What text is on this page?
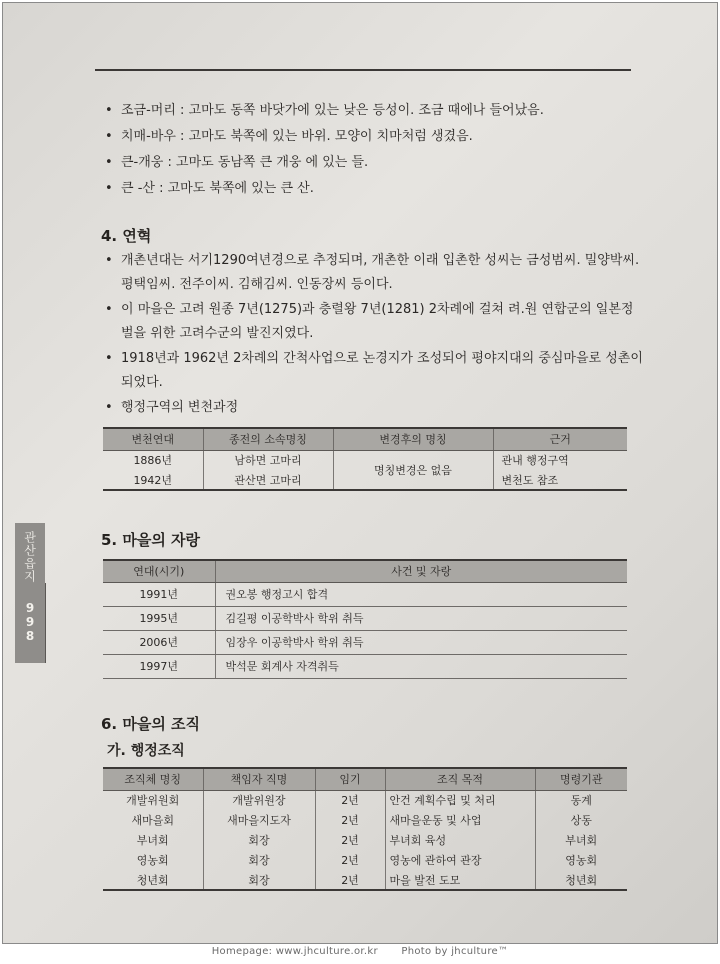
관산읍지
998
• 조금-머리 : 고마도 동쪽 바닷가에 있는 낮은 등성이. 조금 때에나 들어났음.
• 치매-바우 : 고마도 북쪽에 있는 바위. 모양이 치마처럼 생겼음.
• 큰-개웅 : 고마도 동남쪽 큰 개웅 에 있는 들.
• 큰 -산 : 고마도 북쪽에 있는 큰 산.
4. 연혁
• 개촌년대는 서기1290여년경으로 추정되며, 개촌한 이래 입촌한 성씨는 금성범씨. 밀양박씨. 평택임씨. 전주이씨. 김해김씨. 인동장씨 등이다.
• 이 마을은 고려 원종 7년(1275)과 충렬왕 7년(1281) 2차례에 걸쳐 려.원 연합군의 일본정벌을 위한 고려수군의 발진지였다.
• 1918년과 1962년 2차례의 간척사업으로 논경지가 조성되어 평야지대의 중심마을로 성촌이 되었다.
• 행정구역의 변천과정
변천연대	종전의 소속명칭	변경후의 명칭	근거
1886년	남하면 고마리	명칭변경은 없음	관내 행정구역
1942년	관산면 고마리		변천도 참조
5. 마을의 자랑
연대(시기)	사건 및 자랑
1991년	권오봉 행정고시 합격
1995년	김길평 이공학박사 학위 취득
2006년	임장우 이공학박사 학위 취득
1997년	박석문 회계사 자격취득
6. 마을의 조직
가. 행정조직
조직체 명칭	책임자 직명	임기	조직 목적	명령기관
개발위원회	개발위원장	2년	안건 계획수립 및 처리	동계
새마을회	새마을지도자	2년	새마을운동 및 사업	상동
부녀회	회장	2년	부녀회 육성	부녀회
영농회	회장	2년	영농에 관하여 관장	영농회
청년회	회장	2년	마을 발전 도모	청년회
Homepage: www.jhculture.or.kr Photo by jhculture™
